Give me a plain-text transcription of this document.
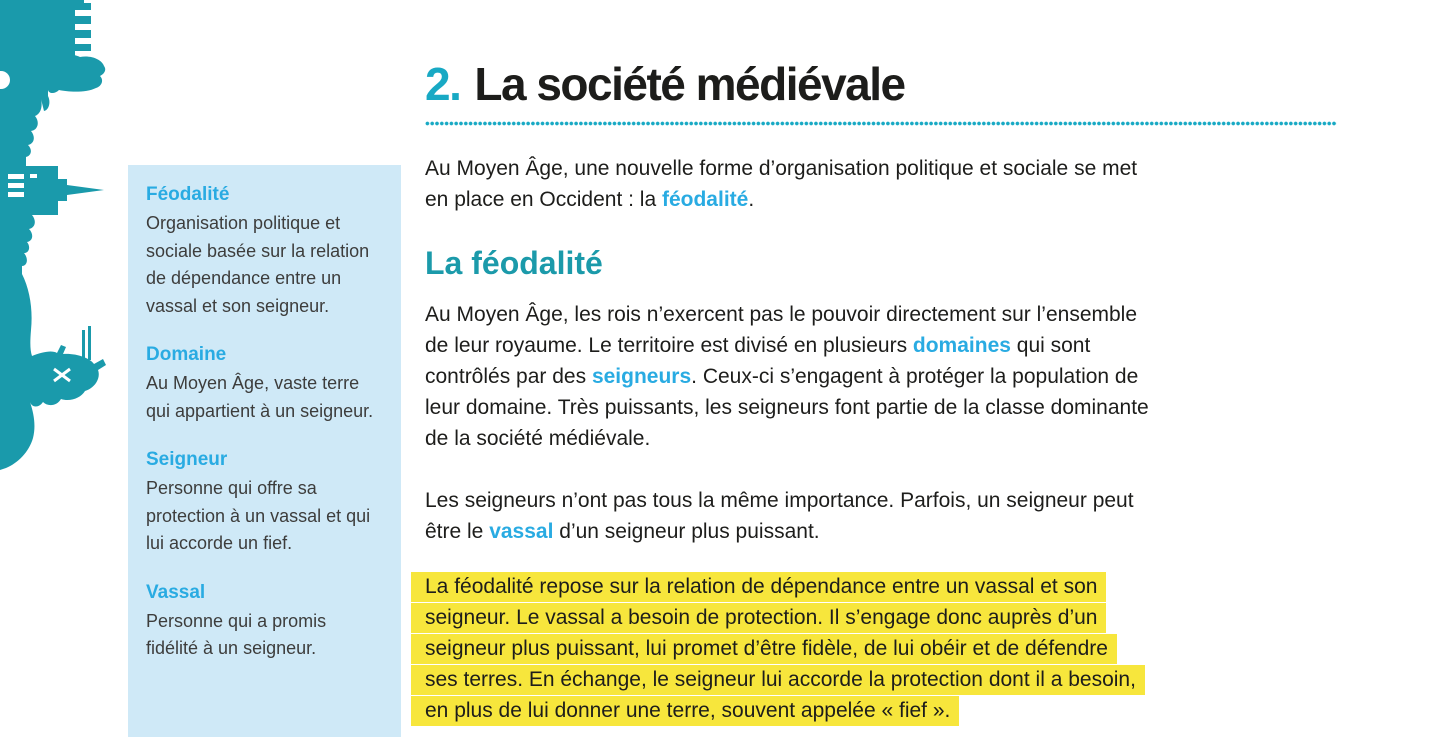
Féodalité
Organisation politique et sociale basée sur la relation de dépendance entre un vassal et son seigneur.
Domaine
Au Moyen Âge, vaste terre qui appartient à un seigneur.
Seigneur
Personne qui offre sa protection à un vassal et qui lui accorde un fief.
Vassal
Personne qui a promis fidélité à un seigneur.
2. La société médiévale

Au Moyen Âge, une nouvelle forme d’organisation politique et sociale se met
en place en Occident : la féodalité.

La féodalité

Au Moyen Âge, les rois n’exercent pas le pouvoir directement sur l’ensemble
de leur royaume. Le territoire est divisé en plusieurs domaines qui sont
contrôlés par des seigneurs. Ceux-ci s’engagent à protéger la population de
leur domaine. Très puissants, les seigneurs font partie de la classe dominante
de la société médiévale.

Les seigneurs n’ont pas tous la même importance. Parfois, un seigneur peut
être le vassal d’un seigneur plus puissant.

La féodalité repose sur la relation de dépendance entre un vassal et son
seigneur. Le vassal a besoin de protection. Il s’engage donc auprès d’un
seigneur plus puissant, lui promet d’être fidèle, de lui obéir et de défendre
ses terres. En échange, le seigneur lui accorde la protection dont il a besoin,
en plus de lui donner une terre, souvent appelée « fief ».
